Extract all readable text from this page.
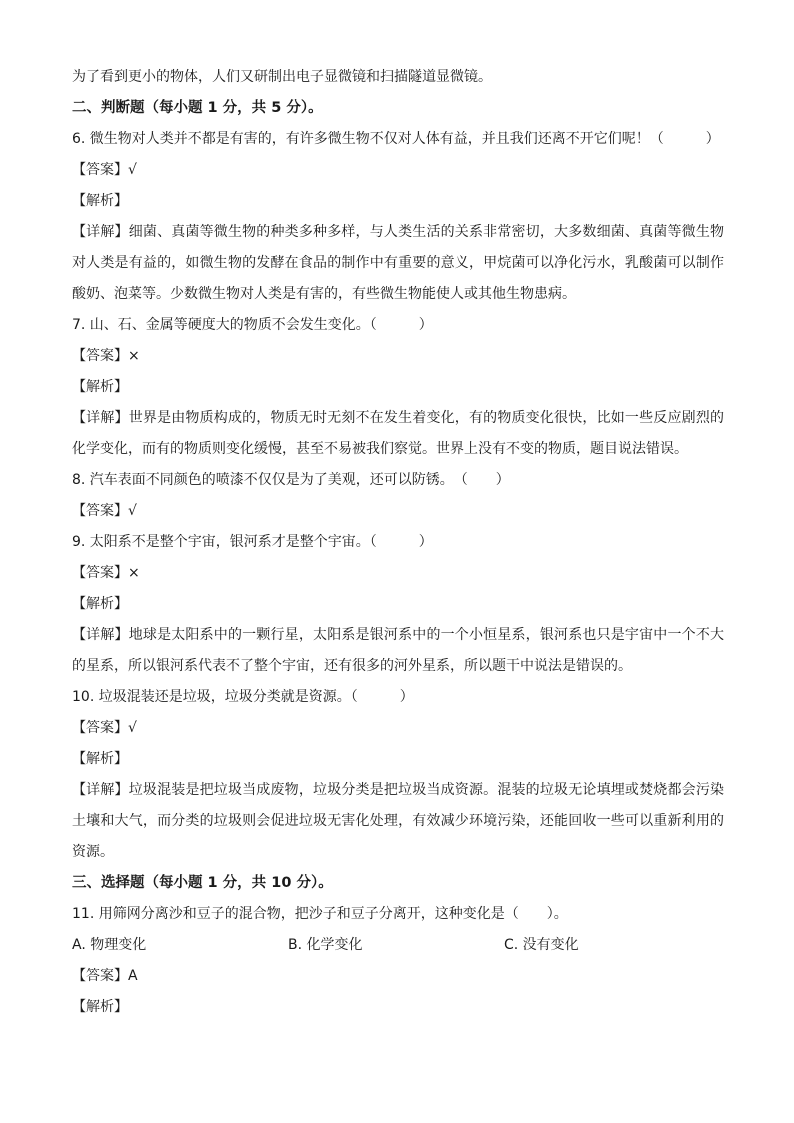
为了看到更小的物体，人们又研制出电子显微镜和扫描隧道显微镜。
二、判断题（每小题 1 分，共 5 分）。
6. 微生物对人类并不都是有害的，有许多微生物不仅对人体有益，并且我们还离不开它们呢！（　　　）
【答案】√
【解析】
【详解】细菌、真菌等微生物的种类多种多样，与人类生活的关系非常密切，大多数细菌、真菌等微生物对人类是有益的，如微生物的发酵在食品的制作中有重要的意义，甲烷菌可以净化污水，乳酸菌可以制作酸奶、泡菜等。少数微生物对人类是有害的，有些微生物能使人或其他生物患病。
7. 山、石、金属等硬度大的物质不会发生变化。（　　　）
【答案】×
【解析】
【详解】世界是由物质构成的，物质无时无刻不在发生着变化，有的物质变化很快，比如一些反应剧烈的化学变化，而有的物质则变化缓慢，甚至不易被我们察觉。世界上没有不变的物质，题目说法错误。
8. 汽车表面不同颜色的喷漆不仅仅是为了美观，还可以防锈。　（　　）
【答案】√
9. 太阳系不是整个宇宙，银河系才是整个宇宙。（　　　）
【答案】×
【解析】
【详解】地球是太阳系中的一颗行星，太阳系是银河系中的一个小恒星系，银河系也只是宇宙中一个不大的星系，所以银河系代表不了整个宇宙，还有很多的河外星系，所以题干中说法是错误的。
10. 垃圾混装还是垃圾，垃圾分类就是资源。（　　　）
【答案】√
【解析】
【详解】垃圾混装是把垃圾当成废物，垃圾分类是把垃圾当成资源。混装的垃圾无论填埋或焚烧都会污染土壤和大气，而分类的垃圾则会促进垃圾无害化处理，有效减少环境污染，还能回收一些可以重新利用的资源。
三、选择题（每小题 1 分，共 10 分）。
11. 用筛网分离沙和豆子的混合物，把沙子和豆子分离开，这种变化是（　　）。
A. 物理变化	B. 化学变化	C. 没有变化
【答案】A
【解析】
